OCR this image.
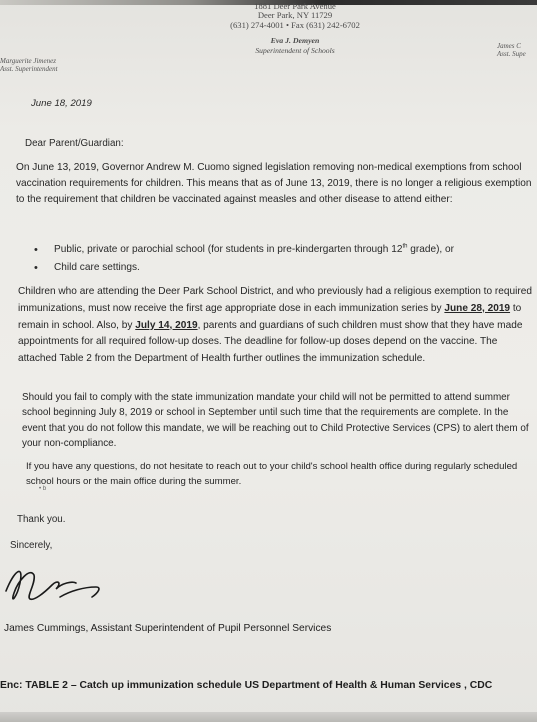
1881 Deer Park Avenue
Deer Park, NY 11729
(631) 274-4001 • Fax (631) 242-6702
Eva J. Demyen
Superintendent of Schools
Marguerite Jimenez
Asst. Superintendent
James C
Asst. Supe
June 18, 2019
Dear Parent/Guardian:
On June 13, 2019, Governor Andrew M. Cuomo signed legislation removing non-medical exemptions from school vaccination requirements for children. This means that as of June 13, 2019, there is no longer a religious exemption to the requirement that children be vaccinated against measles and other disease to attend either:
• Public, private or parochial school (for students in pre-kindergarten through 12th grade), or
• Child care settings.
Children who are attending the Deer Park School District, and who previously had a religious exemption to required immunizations, must now receive the first age appropriate dose in each immunization series by June 28, 2019 to remain in school. Also, by July 14, 2019, parents and guardians of such children must show that they have made appointments for all required follow-up doses. The deadline for follow-up doses depend on the vaccine. The attached Table 2 from the Department of Health further outlines the immunization schedule.
Should you fail to comply with the state immunization mandate your child will not be permitted to attend summer school beginning July 8, 2019 or school in September until such time that the requirements are complete. In the event that you do not follow this mandate, we will be reaching out to Child Protective Services (CPS) to alert them of your non-compliance.
If you have any questions, do not hesitate to reach out to your child's school health office during regularly scheduled school hours or the main office during the summer.
• b
Thank you.
Sincerely,
James Cummings, Assistant Superintendent of Pupil Personnel Services
Enc: TABLE 2 – Catch up immunization schedule US Department of Health & Human Services , CDC
